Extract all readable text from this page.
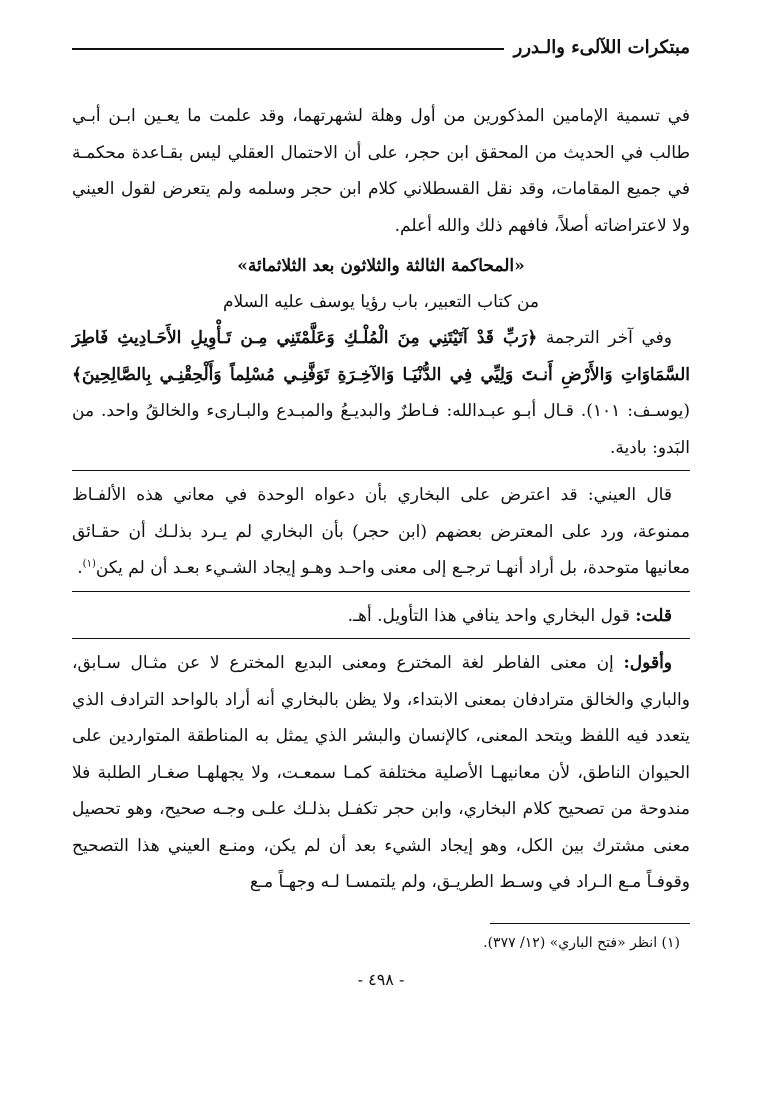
مبتكرات اللآلىء والـدرر

في تسمية الإمامين المذكورين من أول وهلة لشهرتهما، وقد علمت ما يعـين ابـن أبـي طالب في الحديث من المحقق ابن حجر، على أن الاحتمال العقلي ليس بقـاعدة محكمـة في جميع المقامات، وقد نقل القسطلاني كلام ابن حجر وسلمه ولم يتعرض لقول العيني ولا لاعتراضاته أصلاً، فافهم ذلك والله أعلم.

«المحاكمة الثالثة والثلاثون بعد الثلاثمائة»

من كتاب التعبير، باب رؤيا يوسف عليه السلام

وفي آخر الترجمة ﴿رَبِّ قَدْ آتَيْتَنِي مِنَ الْمُلْـكِ وَعَلَّمْتَنِي مِـن تَـأْوِيلِ الأَحَـادِيثِ فَاطِرَ السَّمَاوَاتِ وَالأَرْضِ أَنـتَ وَلِيِّي فِي الدُّنْيَـا وَالآخِـرَةِ تَوَفَّنِـي مُسْلِماً وَأَلْحِقْنِـي بِالصَّالِحِينَ﴾ (يوسـف: ١٠١). قـال أبـو عبـدالله: فـاطرٌ والبديـعُ والمبـدع والبـارىء والخالقُ واحد. من البَدو: بادية.

قال العيني: قد اعترض على البخاري بأن دعواه الوحدة في معاني هذه الألفـاظ ممنوعة، ورد على المعترض بعضهم (ابن حجر) بأن البخاري لم يـرد بذلـك أن حقـائق معانيها متوحدة، بل أراد أنهـا ترجـع إلى معنى واحـد وهـو إيجاد الشـيء بعـد أن لم يكن$^{(١)}$.

قلت: قول البخاري واحد ينافي هذا التأويل. أهـ.

وأقول: إن معنى الفاطر لغة المخترع ومعنى البديع المخترع لا عن مثـال سـابق، والباري والخالق مترادفان بمعنى الابتداء، ولا يظن بالبخاري أنه أراد بالواحد الترادف الذي يتعدد فيه اللفظ ويتحد المعنى، كالإنسان والبشر الذي يمثل به المناطقة المتواردين على الحيوان الناطق، لأن معانيهـا الأصلية مختلفة كمـا سمعـت، ولا يجهلهـا صغـار الطلبة فلا مندوحة من تصحيح كلام البخاري، وابن حجر تكفـل بذلـك علـى وجـه صحيح، وهو تحصيل معنى مشترك بين الكل، وهو إيجاد الشيء بعد أن لم يكن، ومنـع العيني هذا التصحيح وقوفـاً مـع الـراد في وسـط الطريـق، ولم يلتمسـا لـه وجهـاً مـع

(١) انظر «فتح الباري» (١٢/ ٣٧٧).

- ٤٩٨ -
